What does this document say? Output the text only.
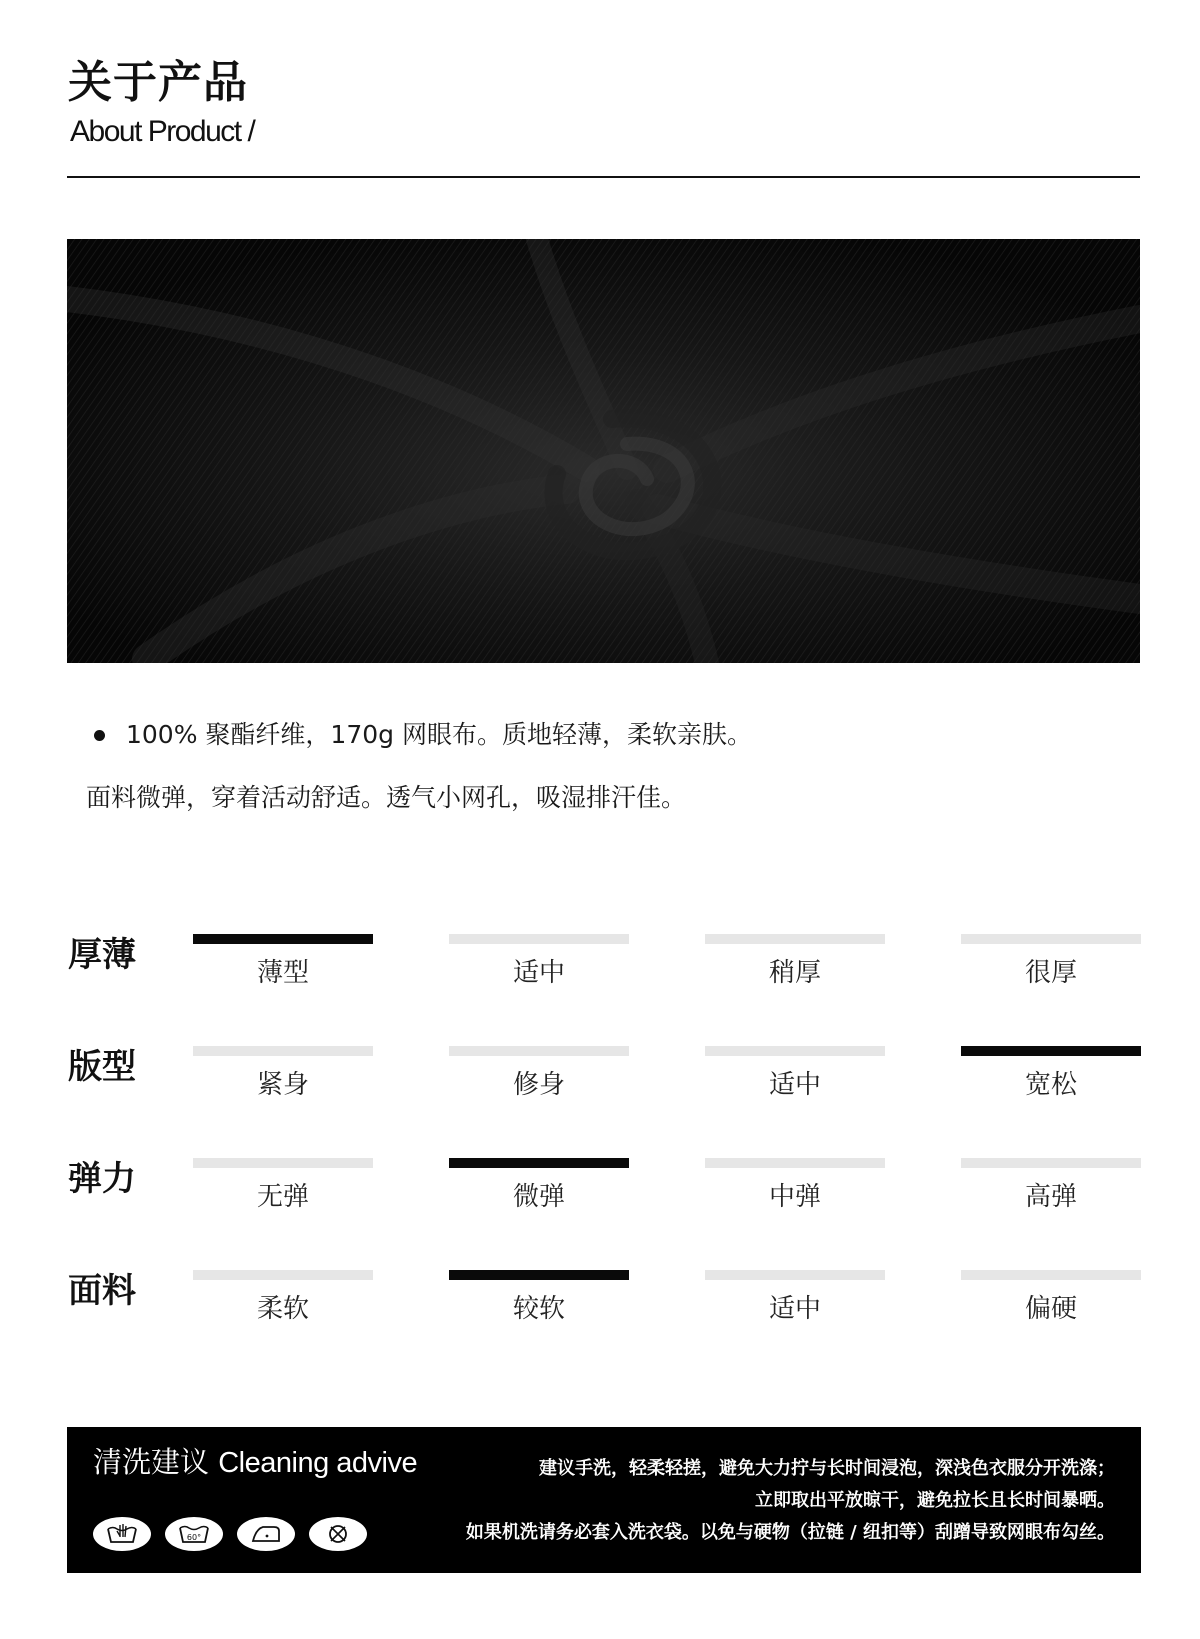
关于产品
About Product /
100% 聚酯纤维，170g 网眼布。质地轻薄，柔软亲肤。
面料微弹，穿着活动舒适。透气小网孔，吸湿排汗佳。
厚薄	薄型	适中	稍厚	很厚
版型	紧身	修身	适中	宽松
弹力	无弹	微弹	中弹	高弹
面料	柔软	较软	适中	偏硬
清洗建议 Cleaning advive	建议手洗，轻柔轻搓，避免大力拧与长时间浸泡，深浅色衣服分开洗涤；
立即取出平放晾干，避免拉长且长时间暴晒。
如果机洗请务必套入洗衣袋。以免与硬物（拉链 / 纽扣等）刮蹭导致网眼布勾丝。
60°
